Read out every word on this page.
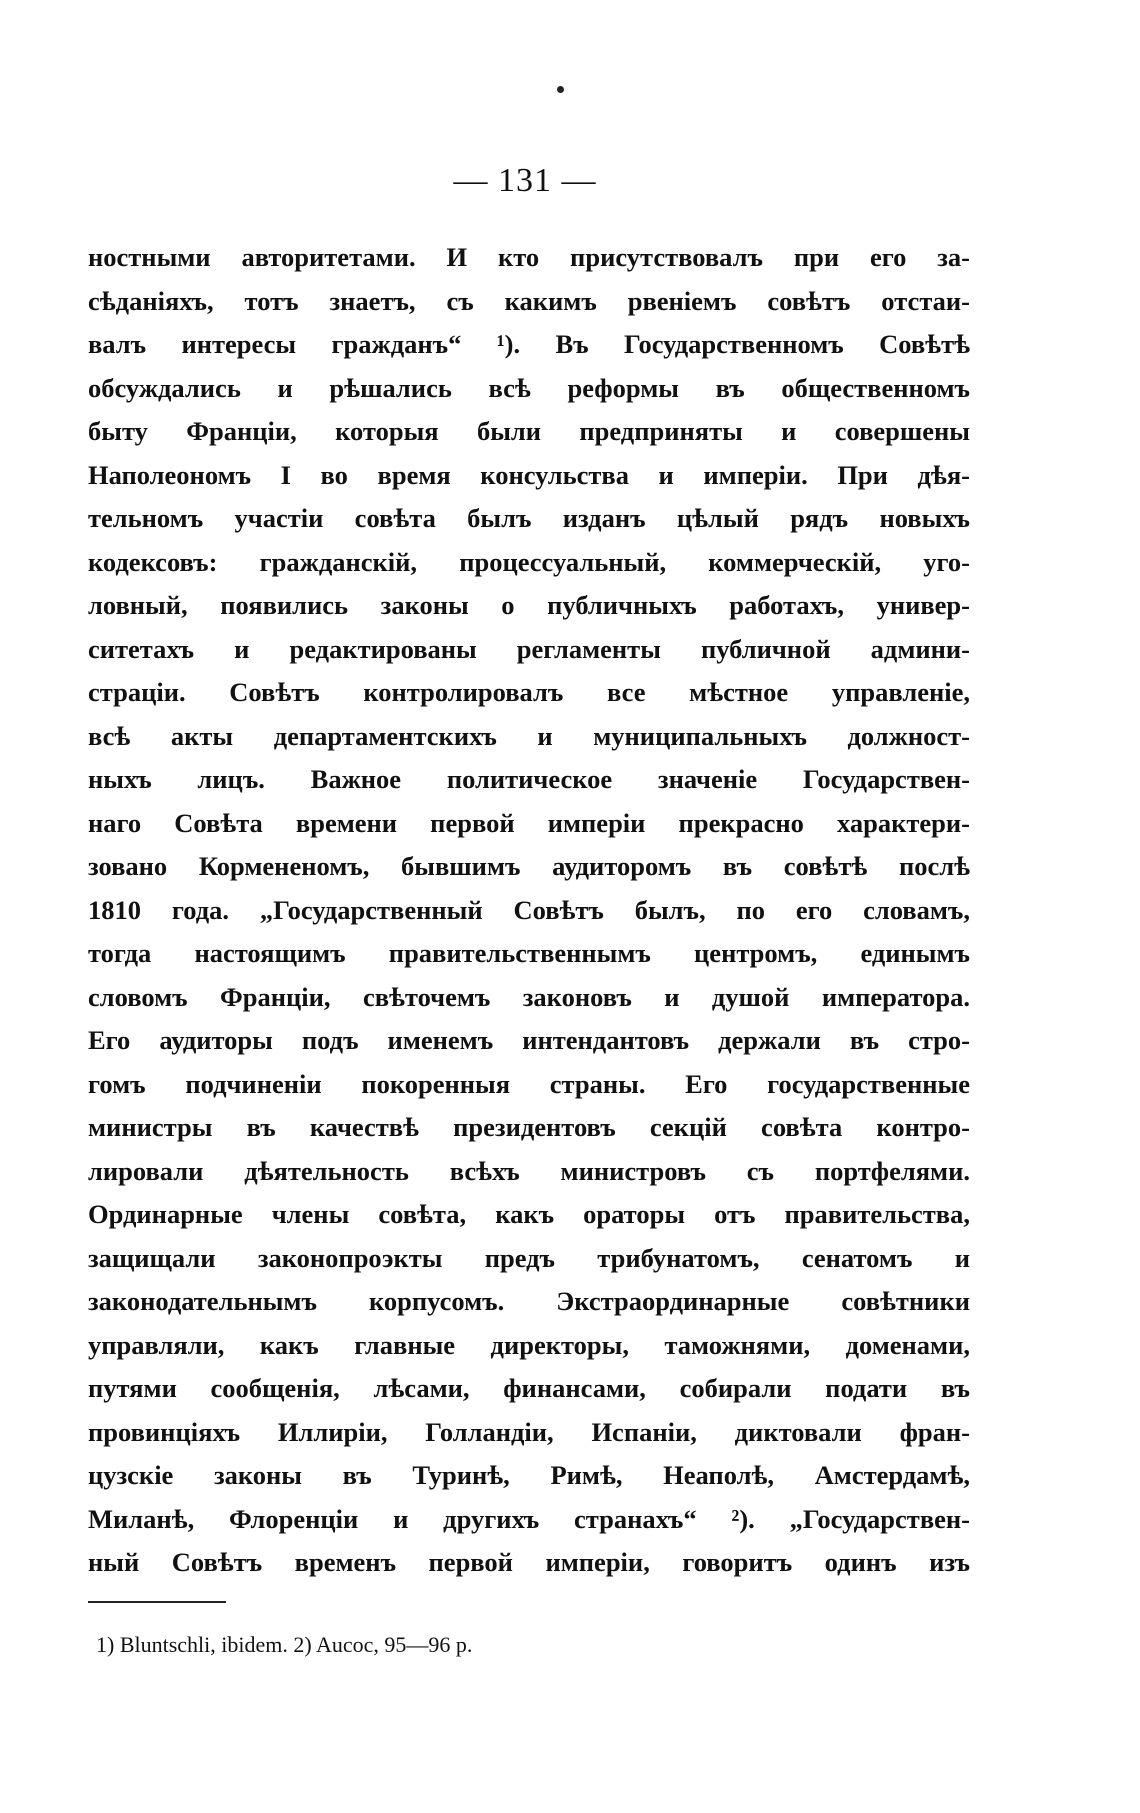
— 131 —
ностными авторитетами. И кто присутствовалъ при его за-
сѣданiяхъ, тотъ знаетъ, съ какимъ рвенiемъ совѣтъ отстаи-
валъ интересы гражданъ“ ¹). Въ Государственномъ Совѣтѣ
обсуждались и рѣшались всѣ реформы въ общественномъ
быту Францiи, которыя были предприняты и совершены
Наполеономъ I во время консульства и имперiи. При дѣя-
тельномъ участiи совѣта былъ изданъ цѣлый рядъ новыхъ
кодексовъ: гражданскiй, процессуальный, коммерческiй, уго-
ловный, появились законы о публичныхъ работахъ, универ-
ситетахъ и редактированы регламенты публичной админи-
страцiи. Совѣтъ контролировалъ все мѣстное управленiе,
всѣ акты департаментскихъ и муниципальныхъ должност-
ныхъ лицъ. Важное политическое значенiе Государствен-
наго Совѣта времени первой имперiи прекрасно характери-
зовано Кормененомъ, бывшимъ аудиторомъ въ совѣтѣ послѣ
1810 года. „Государственный Совѣтъ былъ, по его словамъ,
тогда настоящимъ правительственнымъ центромъ, единымъ
словомъ Францiи, свѣточемъ законовъ и душой императора.
Его аудиторы подъ именемъ интендантовъ держали въ стро-
гомъ подчиненiи покоренныя страны. Его государственные
министры въ качествѣ президентовъ секцiй совѣта контро-
лировали дѣятельность всѣхъ министровъ съ портфелями.
Ординарные члены совѣта, какъ ораторы отъ правительства,
защищали законопроэкты предъ трибунатомъ, сенатомъ и
законодательнымъ корпусомъ. Экстраординарные совѣтники
управляли, какъ главные директоры, таможнями, доменами,
путями сообщенiя, лѣсами, финансами, собирали подати въ
провинцiяхъ Иллирiи, Голландiи, Испанiи, диктовали фран-
цузскiе законы въ Туринѣ, Римѣ, Неаполѣ, Амстердамѣ,
Миланѣ, Флоренцiи и другихъ странахъ“ ²). „Государствен-
ный Совѣтъ временъ первой имперiи, говоритъ одинъ изъ
1) Bluntschli, ibidem. 2) Aucoc, 95—96 p.
